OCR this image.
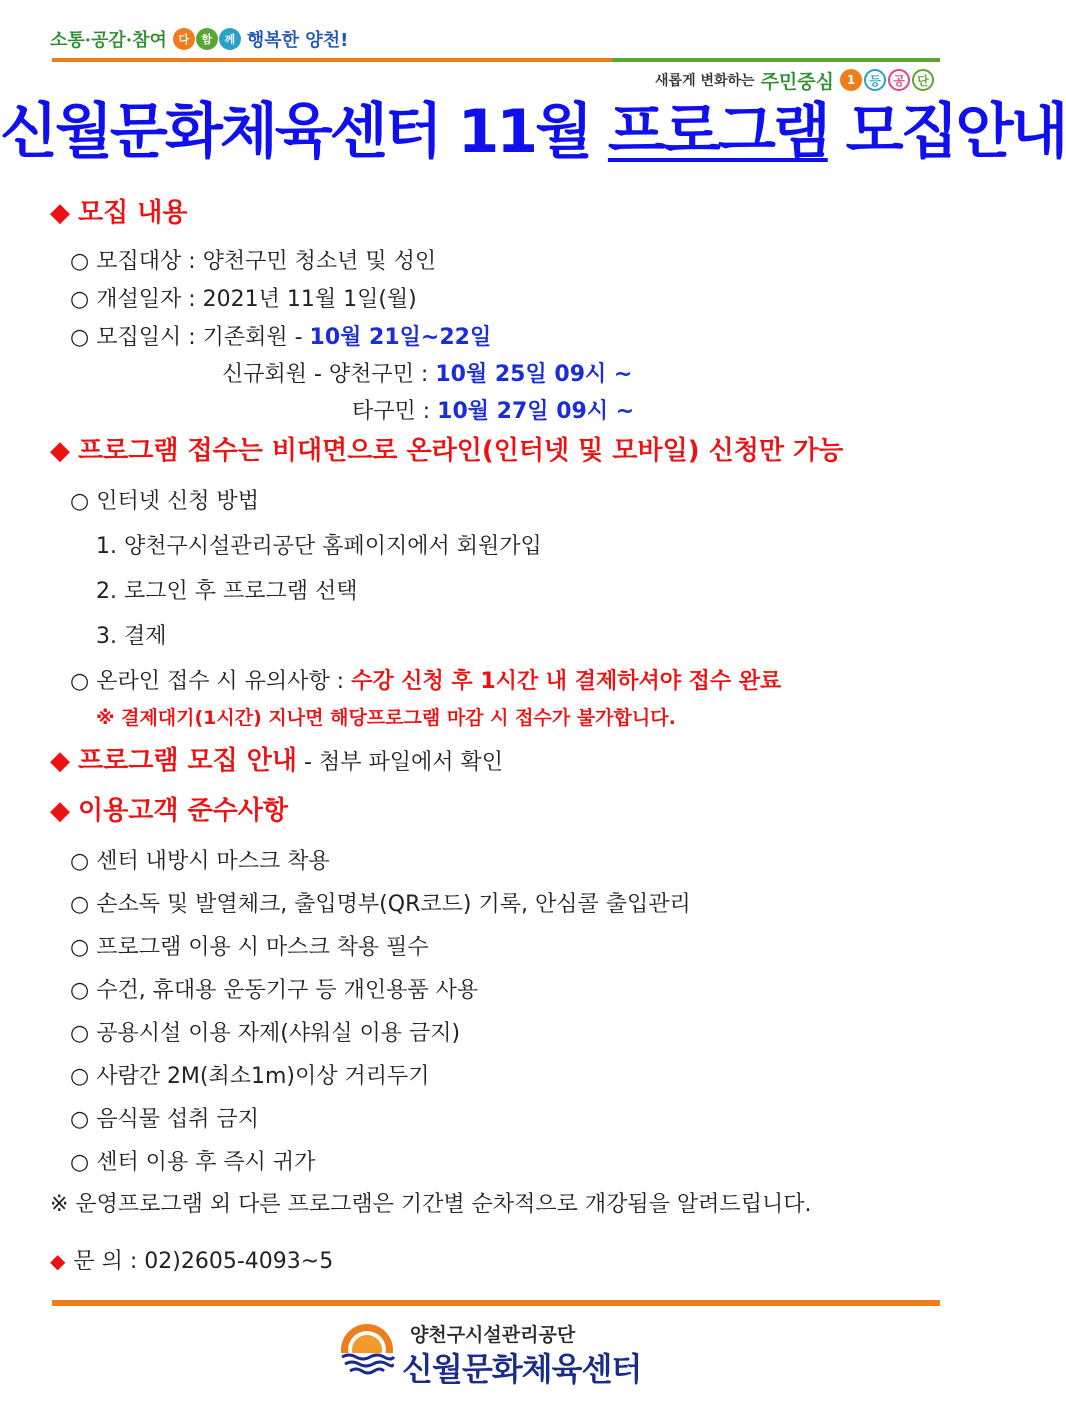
소통·공감·참여	다	함	께 행복한 양천!
새롭게 변화하는 주민중심	1	등	공	단
신월문화체육센터 11월 프로그램 모집안내
◆ 모집 내용
○ 모집대상 : 양천구민 청소년 및 성인
○ 개설일자 : 2021년 11월 1일(월)
○ 모집일시 : 기존회원 - 10월 21일~22일
신규회원 - 양천구민 : 10월 25일 09시 ~
타구민 : 10월 27일 09시 ~
◆ 프로그램 접수는 비대면으로 온라인(인터넷 및 모바일) 신청만 가능
○ 인터넷 신청 방법
1. 양천구시설관리공단 홈페이지에서 회원가입
2. 로그인 후 프로그램 선택
3. 결제
○ 온라인 접수 시 유의사항 : 수강 신청 후 1시간 내 결제하셔야 접수 완료
※ 결제대기(1시간) 지나면 해당프로그램 마감 시 접수가 불가합니다.
◆ 프로그램 모집 안내 - 첨부 파일에서 확인
◆ 이용고객 준수사항
○ 센터 내방시 마스크 착용
○ 손소독 및 발열체크, 출입명부(QR코드) 기록, 안심콜 출입관리
○ 프로그램 이용 시 마스크 착용 필수
○ 수건, 휴대용 운동기구 등 개인용품 사용
○ 공용시설 이용 자제(샤워실 이용 금지)
○ 사람간 2M(최소1m)이상 거리두기
○ 음식물 섭취 금지
○ 센터 이용 후 즉시 귀가
※ 운영프로그램 외 다른 프로그램은 기간별 순차적으로 개강됨을 알려드립니다.
◆ 문 의 : 02)2605-4093~5
양천구시설관리공단
신월문화체육센터
